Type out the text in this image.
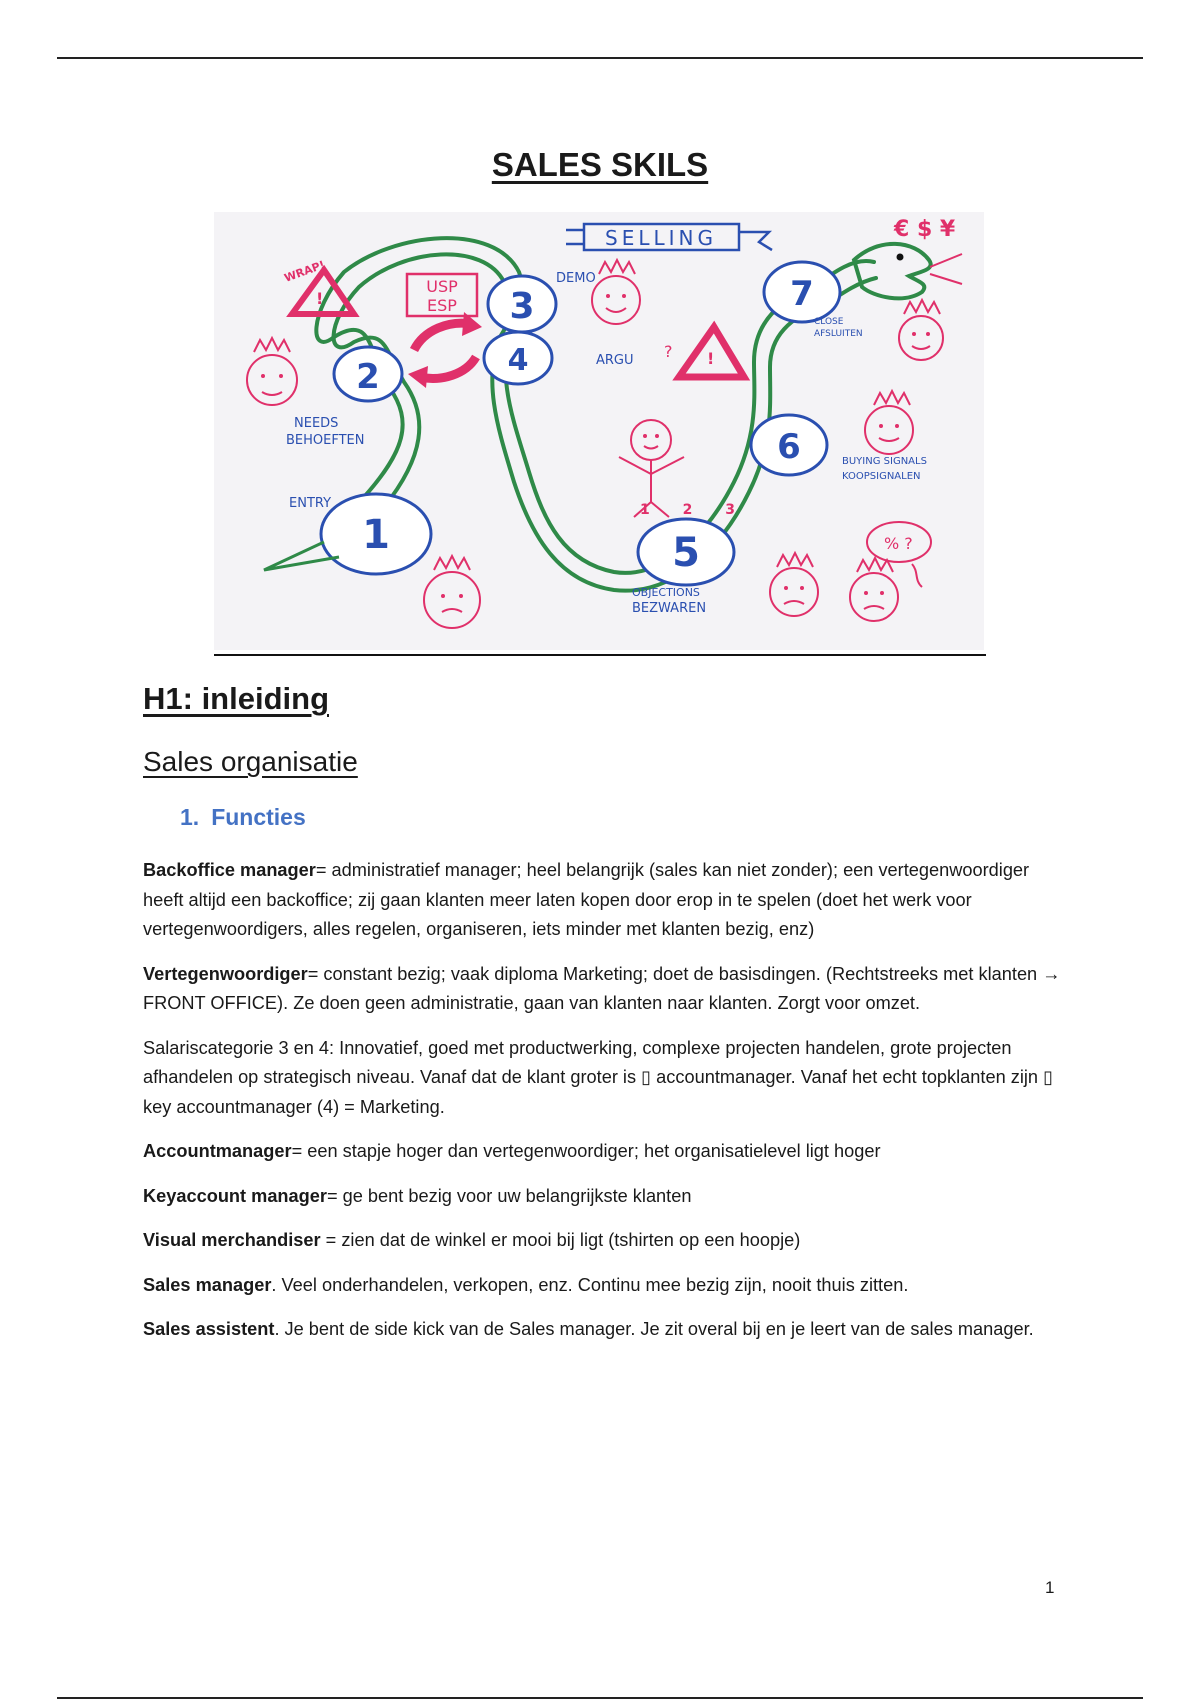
SALES SKILS
SELLING	€ $ ¥
!
WRAP!
!
?
USP
ESP
1
2
3
4
5
6
7
ENTRY
NEEDS
BEHOEFTEN
DEMO
ARGU
OBJECTIONS
BEZWAREN
BUYING SIGNALS
KOOPSIGNALEN
CLOSE
AFSLUITEN
1 2 3
% ?
H1: inleiding
Sales organisatie
1. Functies

Backoffice manager= administratief manager; heel belangrijk (sales kan niet zonder); een vertegenwoordiger heeft altijd een backoffice; zij gaan klanten meer laten kopen door erop in te spelen (doet het werk voor vertegenwoordigers, alles regelen, organiseren, iets minder met klanten bezig, enz)

Vertegenwoordiger= constant bezig; vaak diploma Marketing; doet de basisdingen. (Rechtstreeks met klanten → FRONT OFFICE). Ze doen geen administratie, gaan van klanten naar klanten. Zorgt voor omzet.

Salariscategorie 3 en 4: Innovatief, goed met productwerking, complexe projecten handelen, grote projecten afhandelen op strategisch niveau. Vanaf dat de klant groter is ▯ accountmanager. Vanaf het echt topklanten zijn ▯ key accountmanager (4) = Marketing.

Accountmanager= een stapje hoger dan vertegenwoordiger; het organisatielevel ligt hoger

Keyaccount manager= ge bent bezig voor uw belangrijkste klanten

Visual merchandiser = zien dat de winkel er mooi bij ligt (tshirten op een hoopje)

Sales manager. Veel onderhandelen, verkopen, enz. Continu mee bezig zijn, nooit thuis zitten.

Sales assistent. Je bent de side kick van de Sales manager. Je zit overal bij en je leert van de sales manager.

1
